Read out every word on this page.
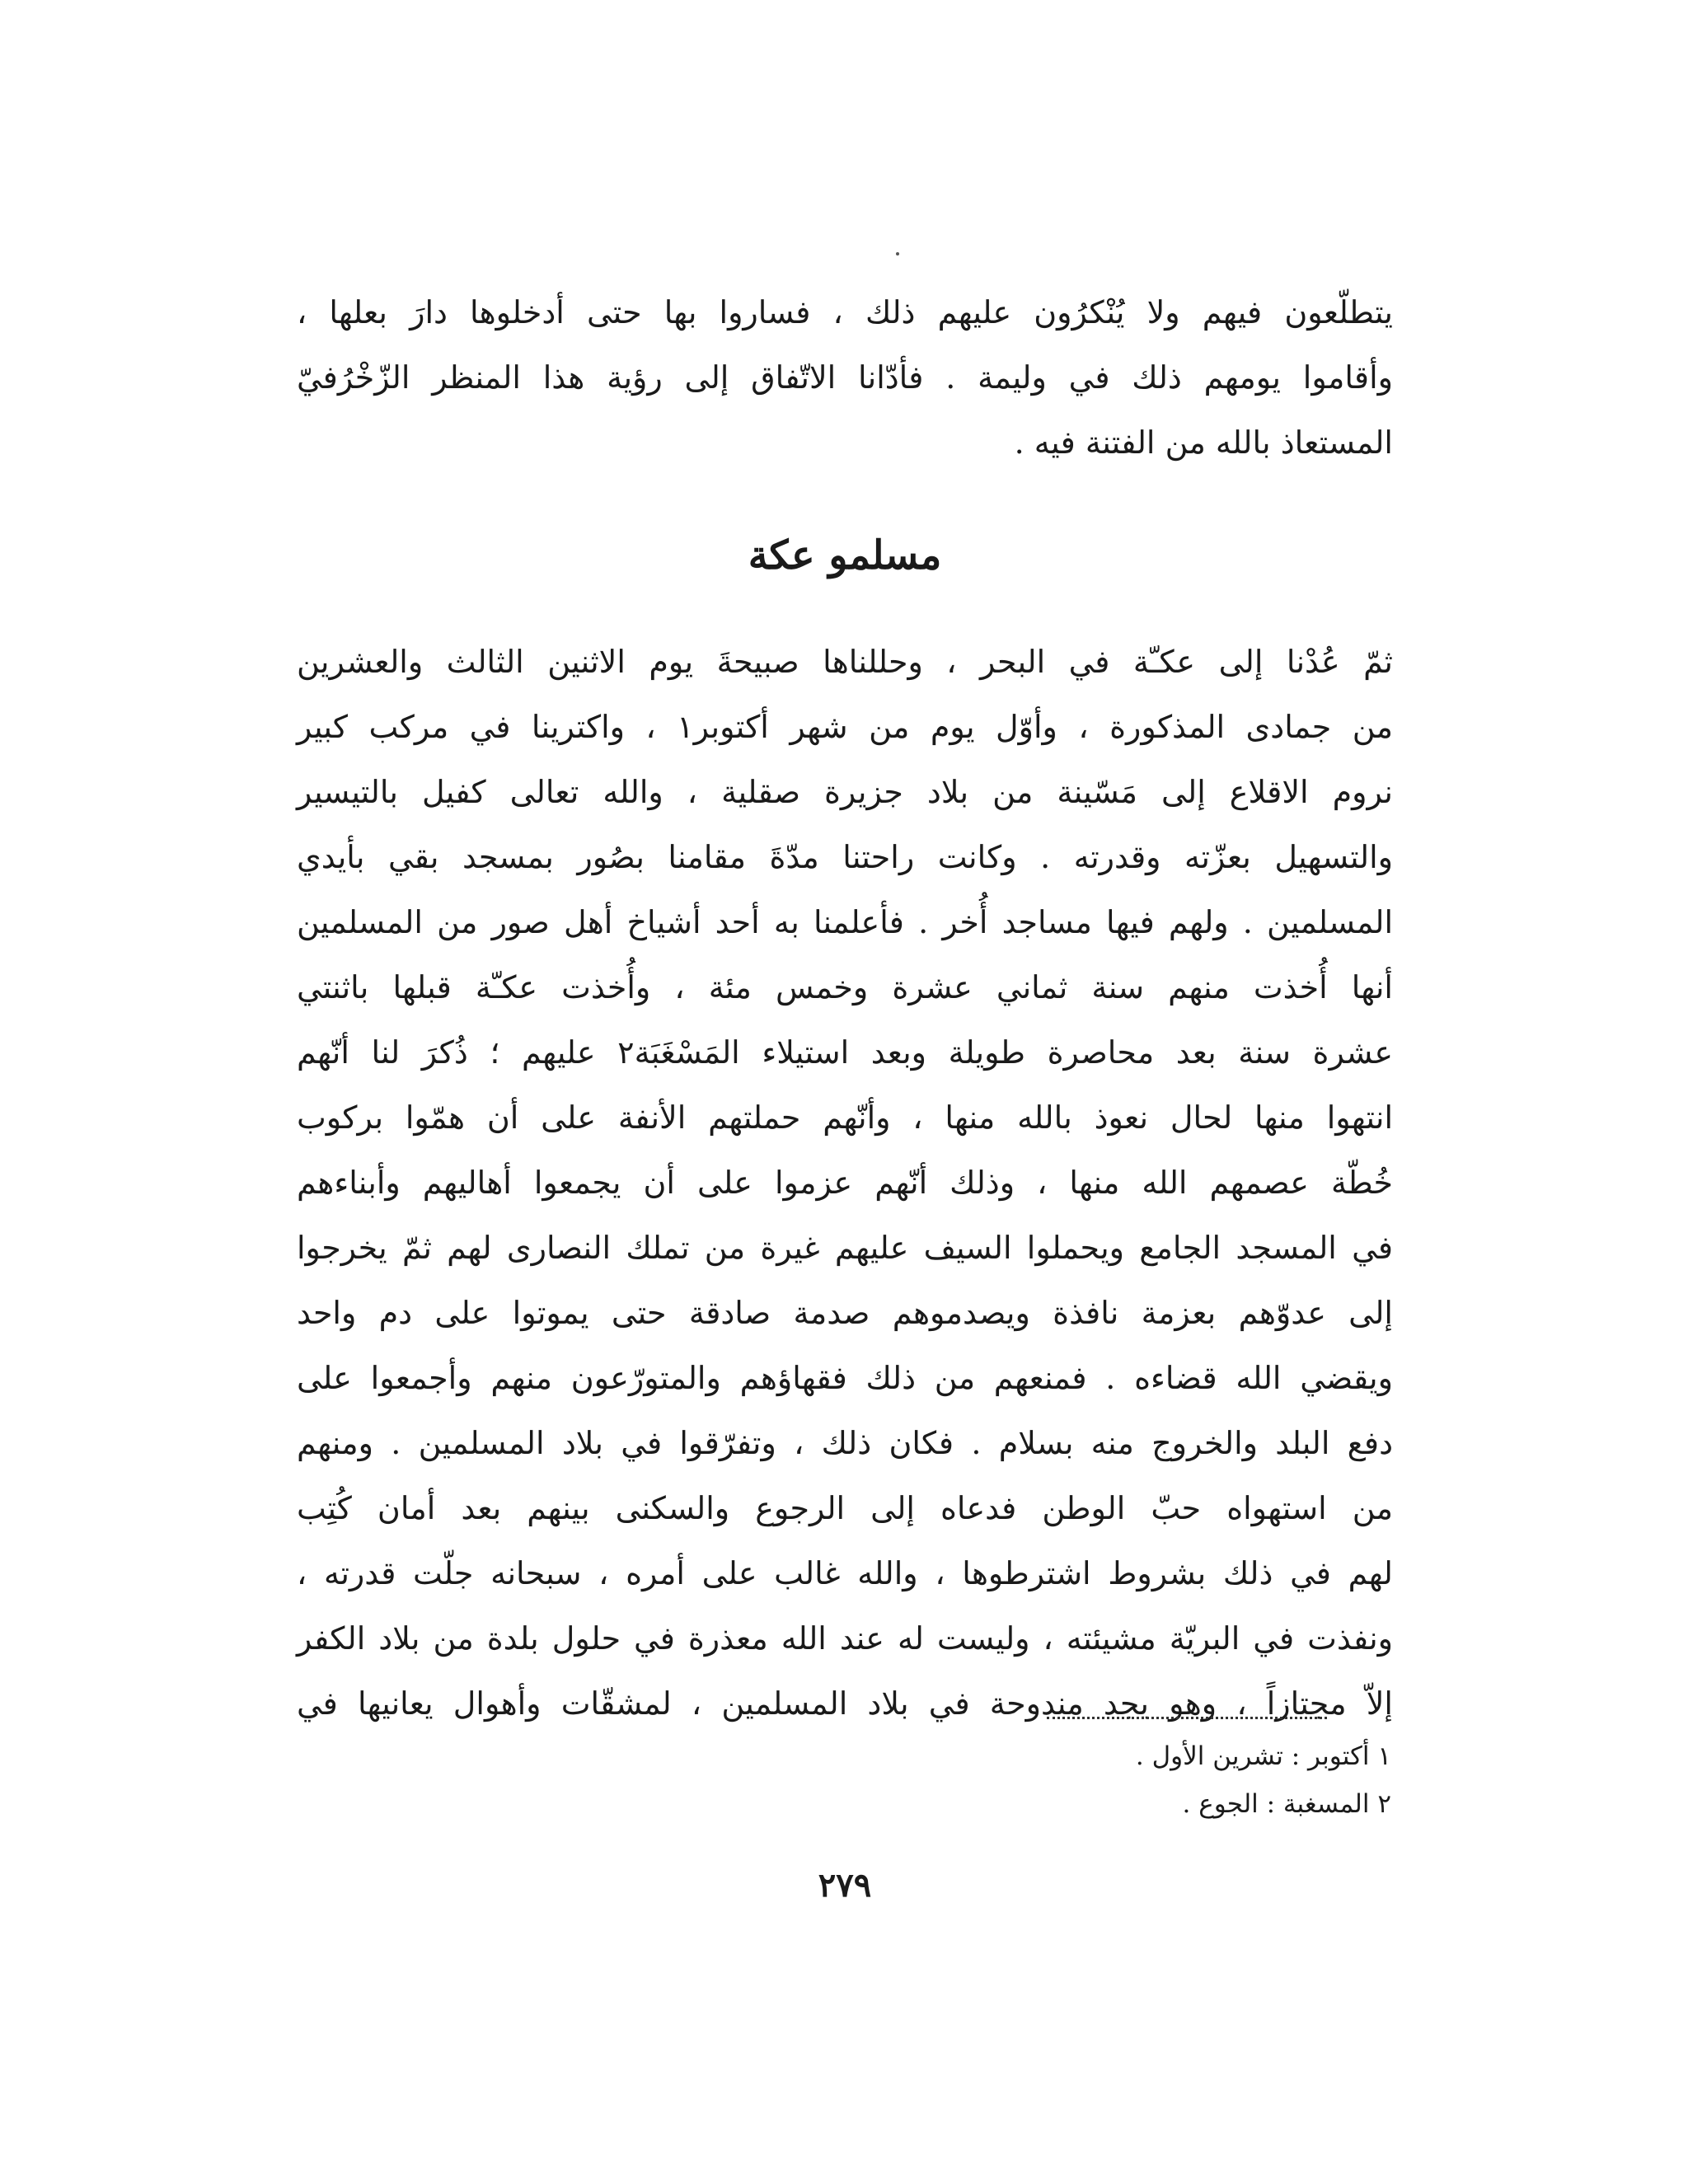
يتطلّعون فيهم ولا يُنْكرُون عليهم ذلك ، فساروا بها حتى أدخلوها دارَ بعلها ،
وأقاموا يومهم ذلك في وليمة . فأدّانا الاتّفاق إلى رؤية هذا المنظر الزّخْرُفيّ
المستعاذ بالله من الفتنة فيه .

مسلمو عكة

ثمّ عُدْنا إلى عكـّة في البحر ، وحللناها صبيحةَ يوم الاثنين الثالث والعشرين
من جمادى المذكورة ، وأوّل يوم من شهر أكتوبر١ ، واكترينا في مركب كبير
نروم الاقلاع إلى مَسّينة من بلاد جزيرة صقلية ، والله تعالى كفيل بالتيسير
والتسهيل بعزّته وقدرته . وكانت راحتنا مدّةَ مقامنا بصُور بمسجد بقي بأيدي
المسلمين . ولهم فيها مساجد أُخر . فأعلمنا به أحد أشياخ أهل صور من المسلمين
أنها أُخذت منهم سنة ثماني عشرة وخمس مئة ، وأُخذت عكـّة قبلها باثنتي
عشرة سنة بعد محاصرة طويلة وبعد استيلاء المَسْغَبَة٢ عليهم ؛ ذُكرَ لنا أنّهم
انتهوا منها لحال نعوذ بالله منها ، وأنّهم حملتهم الأنفة على أن همّوا بركوب
خُطّة عصمهم الله منها ، وذلك أنّهم عزموا على أن يجمعوا أهاليهم وأبناءهم
في المسجد الجامع ويحملوا السيف عليهم غيرة من تملك النصارى لهم ثمّ يخرجوا
إلى عدوّهم بعزمة نافذة ويصدموهم صدمة صادقة حتى يموتوا على دم واحد
ويقضي الله قضاءه . فمنعهم من ذلك فقهاؤهم والمتورّعون منهم وأجمعوا على
دفع البلد والخروج منه بسلام . فكان ذلك ، وتفرّقوا في بلاد المسلمين . ومنهم
من استهواه حبّ الوطن فدعاه إلى الرجوع والسكنى بينهم بعد أمان كُتِب
لهم في ذلك بشروط اشترطوها ، والله غالب على أمره ، سبحانه جلّت قدرته ،
ونفذت في البريّة مشيئته ، وليست له عند الله معذرة في حلول بلدة من بلاد الكفر
إلاّ مجتازاً ، وهو يجد مندوحة في بلاد المسلمين ، لمشقّات وأهوال يعانيها في

١ أكتوبر : تشرين الأول .
٢ المسغبة : الجوع .
٢٧٩
